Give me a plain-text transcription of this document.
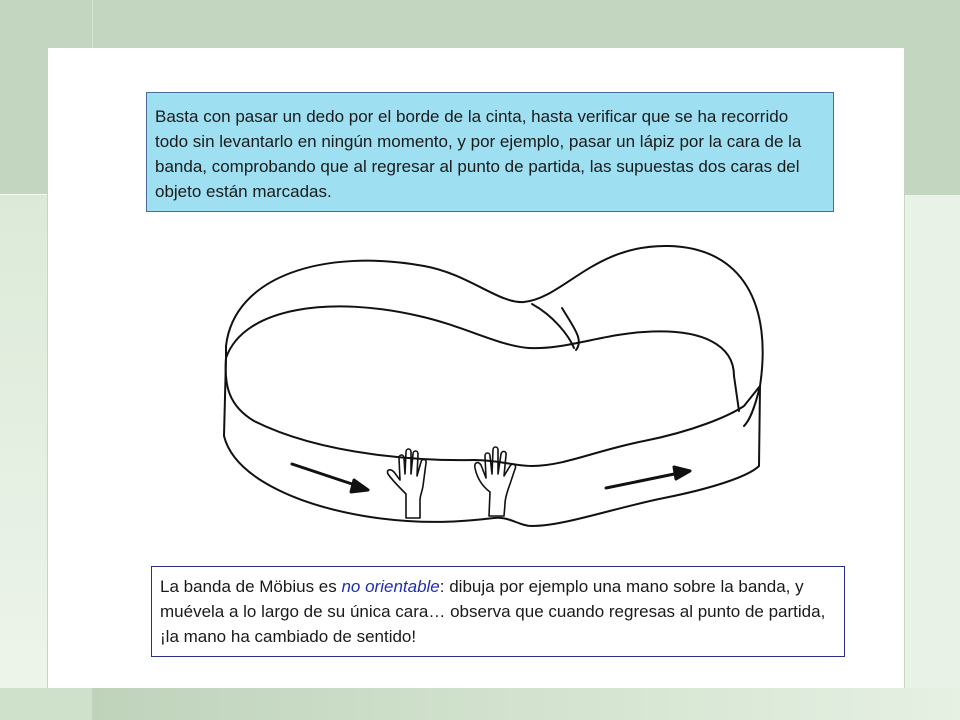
Basta con pasar un dedo por el borde de la cinta, hasta verificar que se ha recorrido todo sin levantarlo en ningún momento, y por ejemplo, pasar un lápiz por la cara de la banda, comprobando que al regresar al punto de partida, las supuestas dos caras del objeto están marcadas.
La banda de Möbius es no orientable: dibuja por ejemplo una mano sobre la banda, y muévela a lo largo de su única cara… observa que cuando regresas al punto de partida, ¡la mano ha cambiado de sentido!
